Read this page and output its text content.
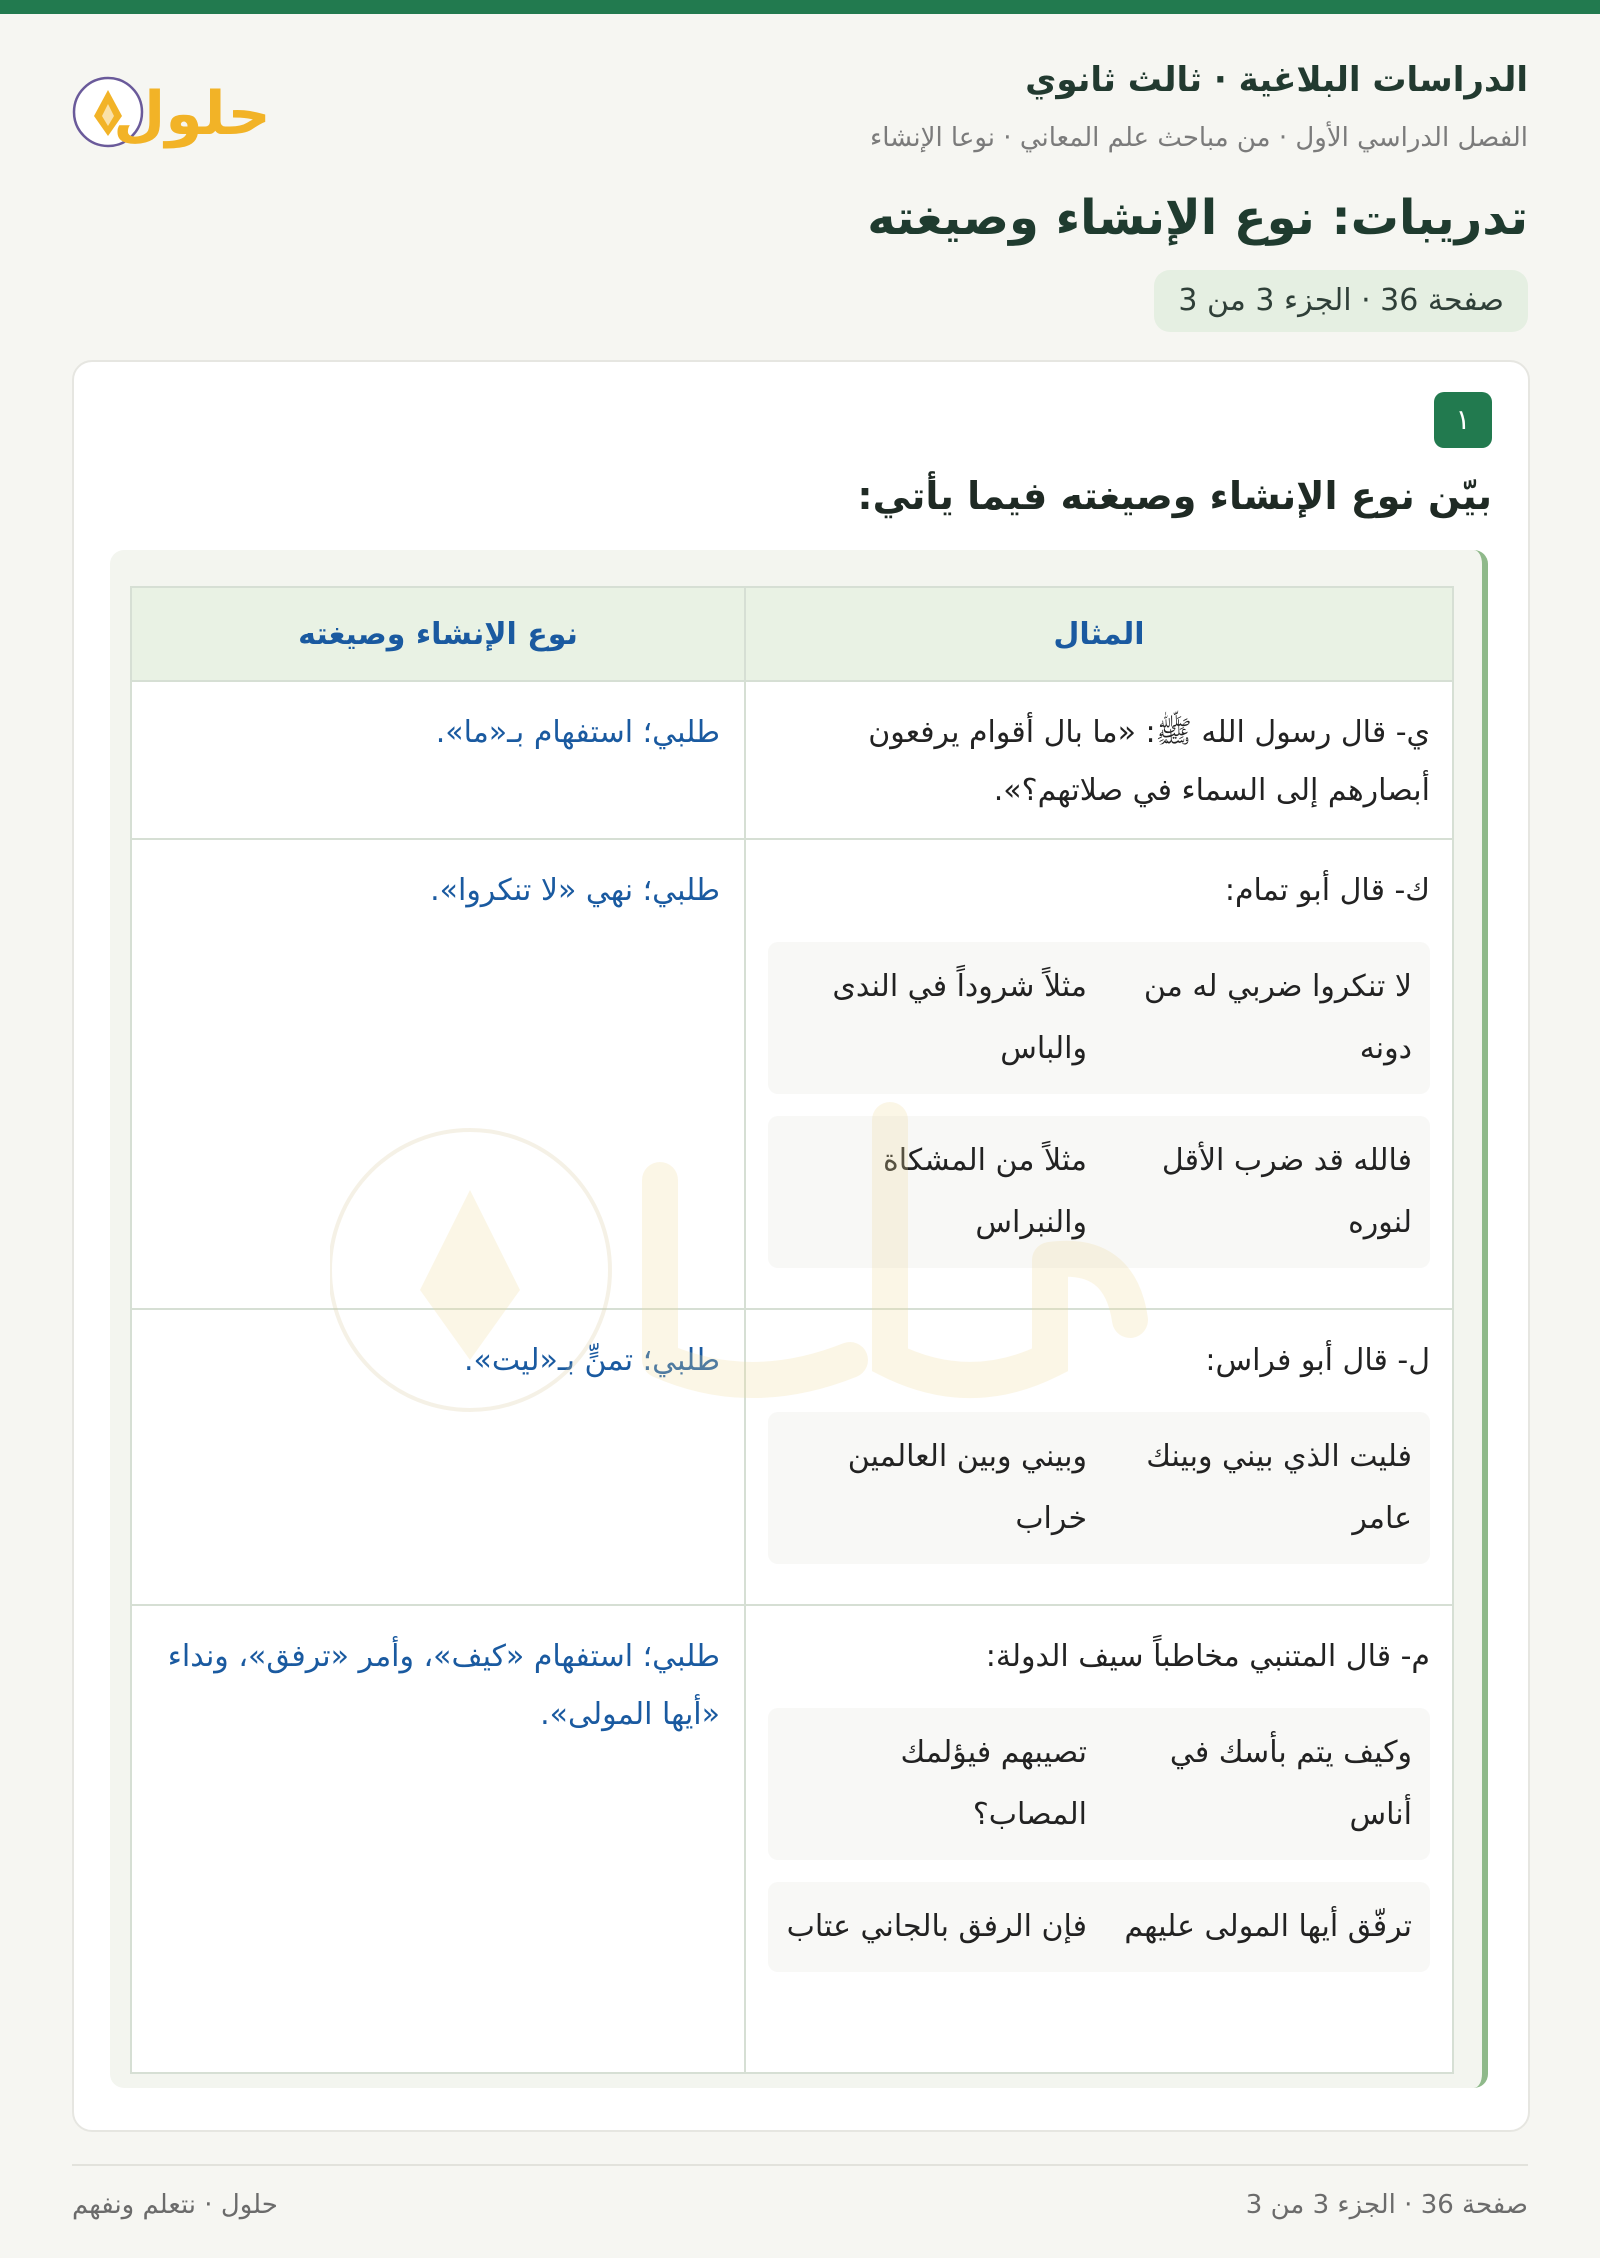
الدراسات البلاغية · ثالث ثانوي
الفصل الدراسي الأول · من مباحث علم المعاني · نوعا الإنشاء
حلول
تدريبات: نوع الإنشاء وصيغته
صفحة 36 · الجزء 3 من 3
١
بيّن نوع الإنشاء وصيغته فيما يأتي:
المثال	نوع الإنشاء وصيغته

ي- قال رسول الله ﷺ: «ما بال أقوام يرفعون أبصارهم إلى السماء في صلاتهم؟».	طلبي؛ استفهام بـ«ما».

ك- قال أبو تمام:
لا تنكروا ضربي له من دونه
مثلاً شروداً في الندى والباس
فالله قد ضرب الأقل لنوره
مثلاً من المشكاة والنبراس	طلبي؛ نهي «لا تنكروا».

ل- قال أبو فراس:
فليت الذي بيني وبينك عامر
وبيني وبين العالمين خراب	طلبي؛ تمنٍّ بـ«ليت».

م- قال المتنبي مخاطباً سيف الدولة:
وكيف يتم بأسك في أناس
تصيبهم فيؤلمك المصاب؟
ترفّق أيها المولى عليهم
فإن الرفق بالجاني عتاب	طلبي؛ استفهام «كيف»، وأمر «ترفق»، ونداء «أيها المولى».
صفحة 36 · الجزء 3 من 3
حلول · نتعلم ونفهم
